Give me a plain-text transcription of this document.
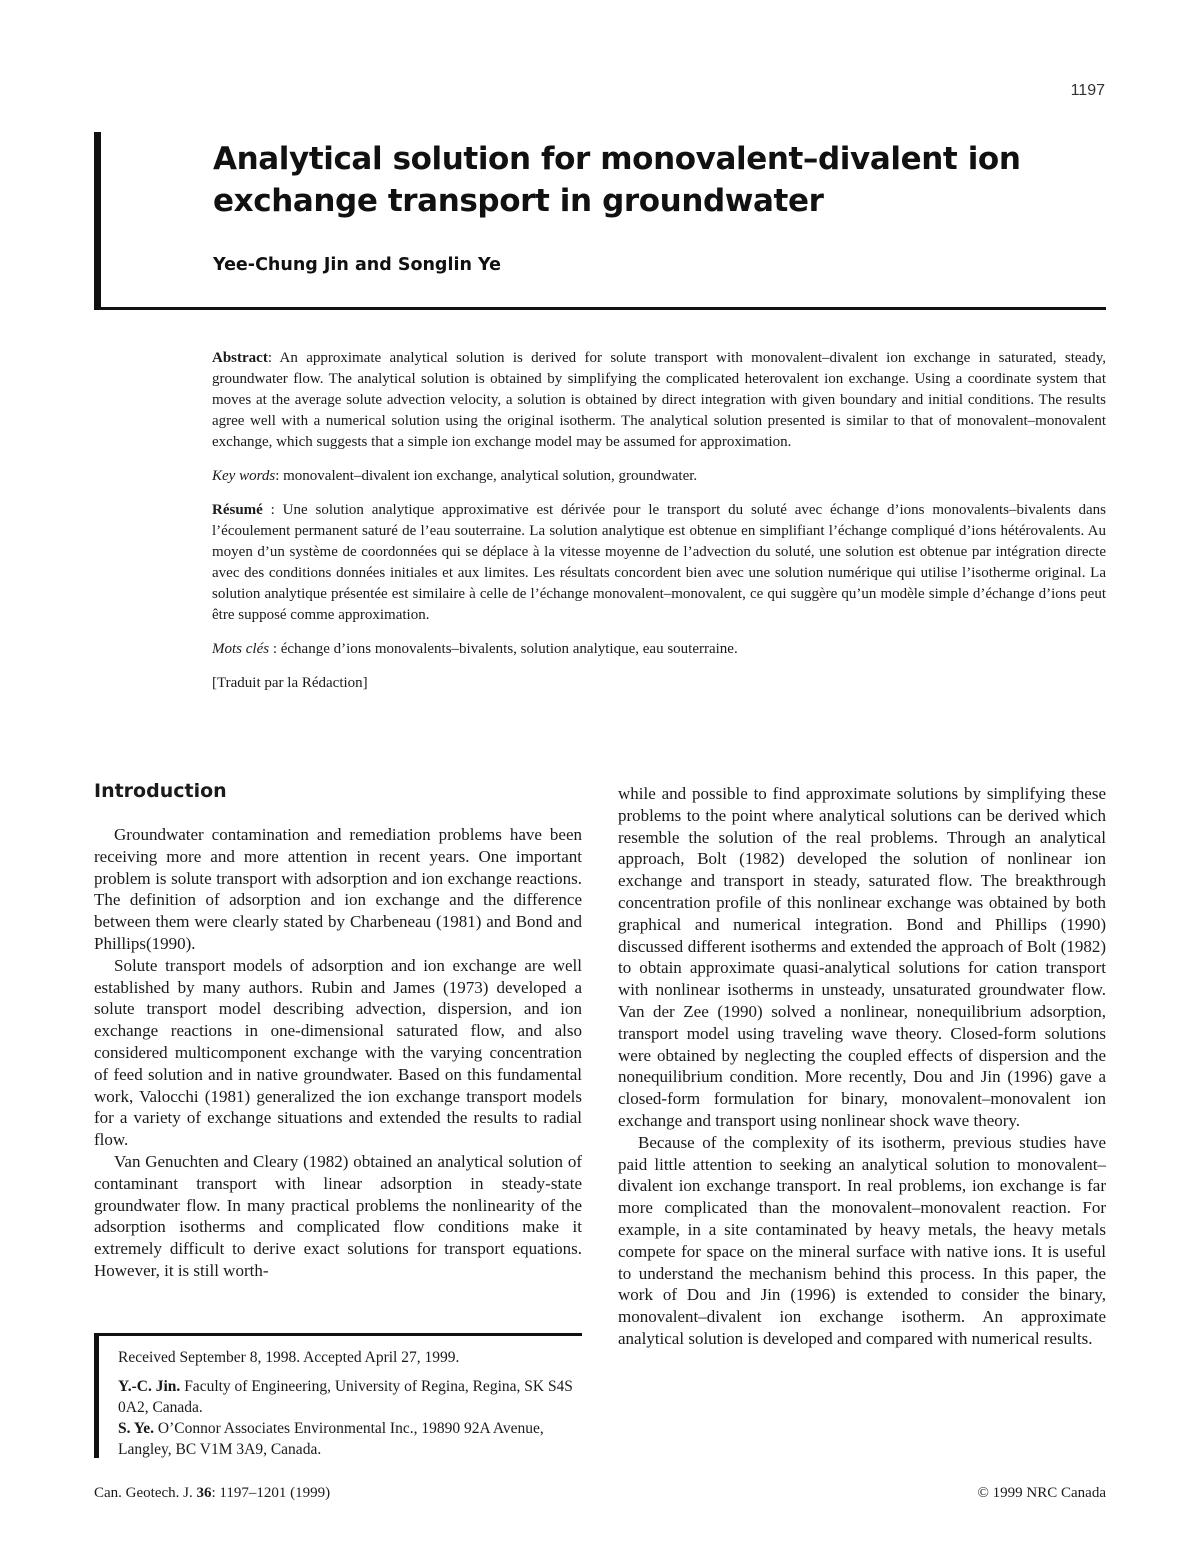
1197
Analytical solution for monovalent–divalent ion
exchange transport in groundwater
Yee-Chung Jin and Songlin Ye

Abstract: An approximate analytical solution is derived for solute transport with monovalent–divalent ion exchange in saturated, steady, groundwater flow. The analytical solution is obtained by simplifying the complicated heterovalent ion exchange. Using a coordinate system that moves at the average solute advection velocity, a solution is obtained by direct integration with given boundary and initial conditions. The results agree well with a numerical solution using the original isotherm. The analytical solution presented is similar to that of monovalent–monovalent exchange, which suggests that a simple ion exchange model may be assumed for approximation.

Key words: monovalent–divalent ion exchange, analytical solution, groundwater.

Résumé : Une solution analytique approximative est dérivée pour le transport du soluté avec échange d’ions monovalents–bivalents dans l’écoulement permanent saturé de l’eau souterraine. La solution analytique est obtenue en simplifiant l’échange compliqué d’ions hétérovalents. Au moyen d’un système de coordonnées qui se déplace à la vitesse moyenne de l’advection du soluté, une solution est obtenue par intégration directe avec des conditions données initiales et aux limites. Les résultats concordent bien avec une solution numérique qui utilise l’isotherme original. La solution analytique présentée est similaire à celle de l’échange monovalent–monovalent, ce qui suggère qu’un modèle simple d’échange d’ions peut être supposé comme approximation.

Mots clés : échange d’ions monovalents–bivalents, solution analytique, eau souterraine.

[Traduit par la Rédaction]

Introduction

Groundwater contamination and remediation problems have been receiving more and more attention in recent years. One important problem is solute transport with adsorption and ion exchange reactions. The definition of adsorption and ion exchange and the difference between them were clearly stated by Charbeneau (1981) and Bond and Phillips(1990).

Solute transport models of adsorption and ion exchange are well established by many authors. Rubin and James (1973) developed a solute transport model describing advection, dispersion, and ion exchange reactions in one-dimensional saturated flow, and also considered multicomponent exchange with the varying concentration of feed solution and in native groundwater. Based on this fundamental work, Valocchi (1981) generalized the ion exchange transport models for a variety of exchange situations and extended the results to radial flow.

Van Genuchten and Cleary (1982) obtained an analytical solution of contaminant transport with linear adsorption in steady-state groundwater flow. In many practical problems the nonlinearity of the adsorption isotherms and complicated flow conditions make it extremely difficult to derive exact solutions for transport equations. However, it is still worth-

while and possible to find approximate solutions by simplifying these problems to the point where analytical solutions can be derived which resemble the solution of the real problems. Through an analytical approach, Bolt (1982) developed the solution of nonlinear ion exchange and transport in steady, saturated flow. The breakthrough concentration profile of this nonlinear exchange was obtained by both graphical and numerical integration. Bond and Phillips (1990) discussed different isotherms and extended the approach of Bolt (1982) to obtain approximate quasi-analytical solutions for cation transport with nonlinear isotherms in unsteady, unsaturated groundwater flow. Van der Zee (1990) solved a nonlinear, nonequilibrium adsorption, transport model using traveling wave theory. Closed-form solutions were obtained by neglecting the coupled effects of dispersion and the nonequilibrium condition. More recently, Dou and Jin (1996) gave a closed-form formulation for binary, monovalent–monovalent ion exchange and transport using nonlinear shock wave theory.

Because of the complexity of its isotherm, previous studies have paid little attention to seeking an analytical solution to monovalent–divalent ion exchange transport. In real problems, ion exchange is far more complicated than the monovalent–monovalent reaction. For example, in a site contaminated by heavy metals, the heavy metals compete for space on the mineral surface with native ions. It is useful to understand the mechanism behind this process. In this paper, the work of Dou and Jin (1996) is extended to consider the binary, monovalent–divalent ion exchange isotherm. An approximate analytical solution is developed and compared with numerical results.

Received September 8, 1998. Accepted April 27, 1999.

Y.-C. Jin. Faculty of Engineering, University of Regina, Regina, SK S4S 0A2, Canada.

S. Ye. O’Connor Associates Environmental Inc., 19890 92A Avenue, Langley, BC V1M 3A9, Canada.

Can. Geotech. J. 36: 1197–1201 (1999)	© 1999 NRC Canada
